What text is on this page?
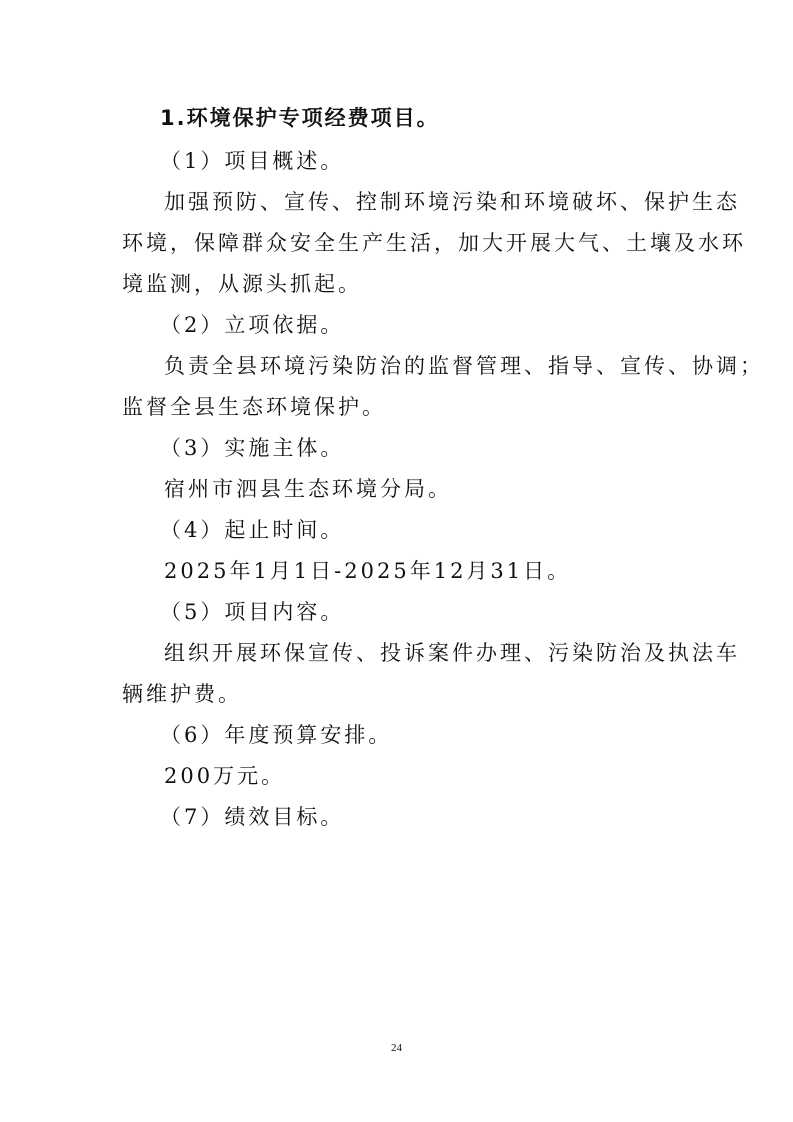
1.环境保护专项经费项目。
（1）项目概述。
加强预防、宣传、控制环境污染和环境破坏、保护生态
环境，保障群众安全生产生活，加大开展大气、土壤及水环
境监测，从源头抓起。
（2）立项依据。
负责全县环境污染防治的监督管理、指导、宣传、协调；
监督全县生态环境保护。
（3）实施主体。
宿州市泗县生态环境分局。
（4）起止时间。
2025年1月1日-2025年12月31日。
（5）项目内容。
组织开展环保宣传、投诉案件办理、污染防治及执法车
辆维护费。
（6）年度预算安排。
200万元。
（7）绩效目标。
24
